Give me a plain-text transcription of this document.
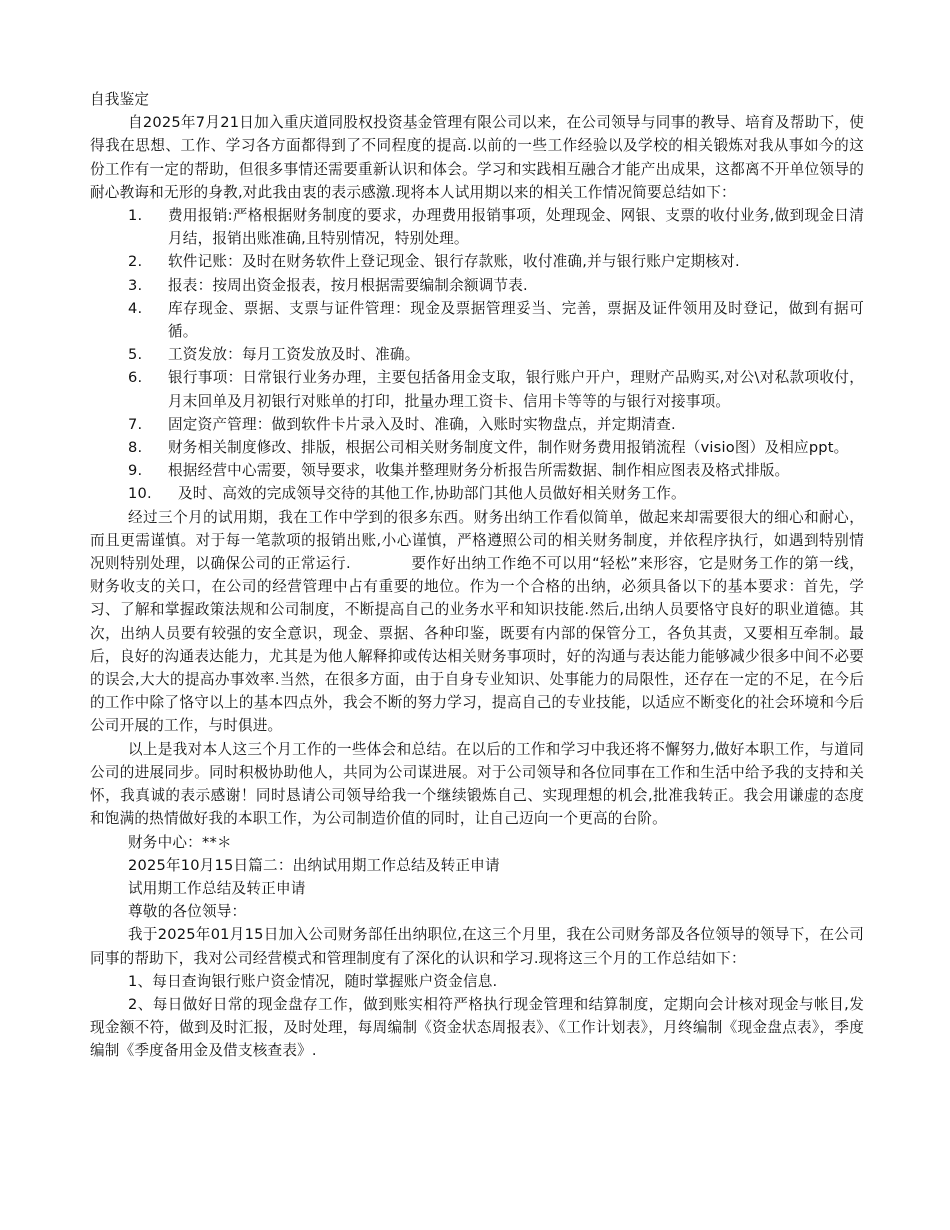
自我鉴定

自2025年7月21日加入重庆道同股权投资基金管理有限公司以来，在公司领导与同事的教导、培育及帮助下，使得我在思想、工作、学习各方面都得到了不同程度的提高.以前的一些工作经验以及学校的相关锻炼对我从事如今的这份工作有一定的帮助，但很多事情还需要重新认识和体会。学习和实践相互融合才能产出成果，这都离不开单位领导的耐心教诲和无形的身教,对此我由衷的表示感激.现将本人试用期以来的相关工作情况简要总结如下：

1.	费用报销:严格根据财务制度的要求，办理费用报销事项，处理现金、网银、支票的收付业务,做到现金日清月结，报销出账准确,且特别情况，特别处理。
2.	软件记账：及时在财务软件上登记现金、银行存款账，收付准确,并与银行账户定期核对.
3.	报表：按周出资金报表，按月根据需要编制余额调节表.
4.	库存现金、票据、支票与证件管理：现金及票据管理妥当、完善，票据及证件领用及时登记，做到有据可循。
5.	工资发放：每月工资发放及时、准确。
6.	银行事项：日常银行业务办理，主要包括备用金支取，银行账户开户，理财产品购买,对公\对私款项收付，月末回单及月初银行对账单的打印，批量办理工资卡、信用卡等等的与银行对接事项。
7.	固定资产管理：做到软件卡片录入及时、准确，入账时实物盘点，并定期清查.
8.	财务相关制度修改、排版，根据公司相关财务制度文件，制作财务费用报销流程（visio图）及相应ppt。
9.	根据经营中心需要，领导要求，收集并整理财务分析报告所需数据、制作相应图表及格式排版。
10.	及时、高效的完成领导交待的其他工作,协助部门其他人员做好相关财务工作。

经过三个月的试用期，我在工作中学到的很多东西。财务出纳工作看似简单，做起来却需要很大的细心和耐心，而且更需谨慎。对于每一笔款项的报销出账,小心谨慎，严格遵照公司的相关财务制度，并依程序执行，如遇到特别情况则特别处理，以确保公司的正常运行.　　　　要作好出纳工作绝不可以用“轻松”来形容，它是财务工作的第一线，财务收支的关口，在公司的经营管理中占有重要的地位。作为一个合格的出纳，必须具备以下的基本要求：首先，学习、了解和掌握政策法规和公司制度，不断提高自己的业务水平和知识技能.然后,出纳人员要恪守良好的职业道德。其次，出纳人员要有较强的安全意识，现金、票据、各种印鉴，既要有内部的保管分工，各负其责，又要相互牵制。最后，良好的沟通表达能力，尤其是为他人解释抑或传达相关财务事项时，好的沟通与表达能力能够减少很多中间不必要的误会,大大的提高办事效率.当然，在很多方面，由于自身专业知识、处事能力的局限性，还存在一定的不足，在今后的工作中除了恪守以上的基本四点外，我会不断的努力学习，提高自己的专业技能，以适应不断变化的社会环境和今后公司开展的工作，与时俱进。

以上是我对本人这三个月工作的一些体会和总结。在以后的工作和学习中我还将不懈努力,做好本职工作，与道同公司的进展同步。同时积极协助他人，共同为公司谋进展。对于公司领导和各位同事在工作和生活中给予我的支持和关怀，我真诚的表示感谢！同时恳请公司领导给我一个继续锻炼自己、实现理想的机会,批准我转正。我会用谦虚的态度和饱满的热情做好我的本职工作，为公司制造价值的同时，让自己迈向一个更高的台阶。

财务中心：**＊

2025年10月15日篇二：出纳试用期工作总结及转正申请

试用期工作总结及转正申请

尊敬的各位领导：

我于2025年01月15日加入公司财务部任出纳职位,在这三个月里，我在公司财务部及各位领导的领导下，在公司同事的帮助下，我对公司经营模式和管理制度有了深化的认识和学习.现将这三个月的工作总结如下：

1、每日查询银行账户资金情况，随时掌握账户资金信息.

2、每日做好日常的现金盘存工作，做到账实相符严格执行现金管理和结算制度，定期向会计核对现金与帐目,发现金额不符，做到及时汇报，及时处理，每周编制《资金状态周报表》、《工作计划表》，月终编制《现金盘点表》，季度编制《季度备用金及借支核查表》.
